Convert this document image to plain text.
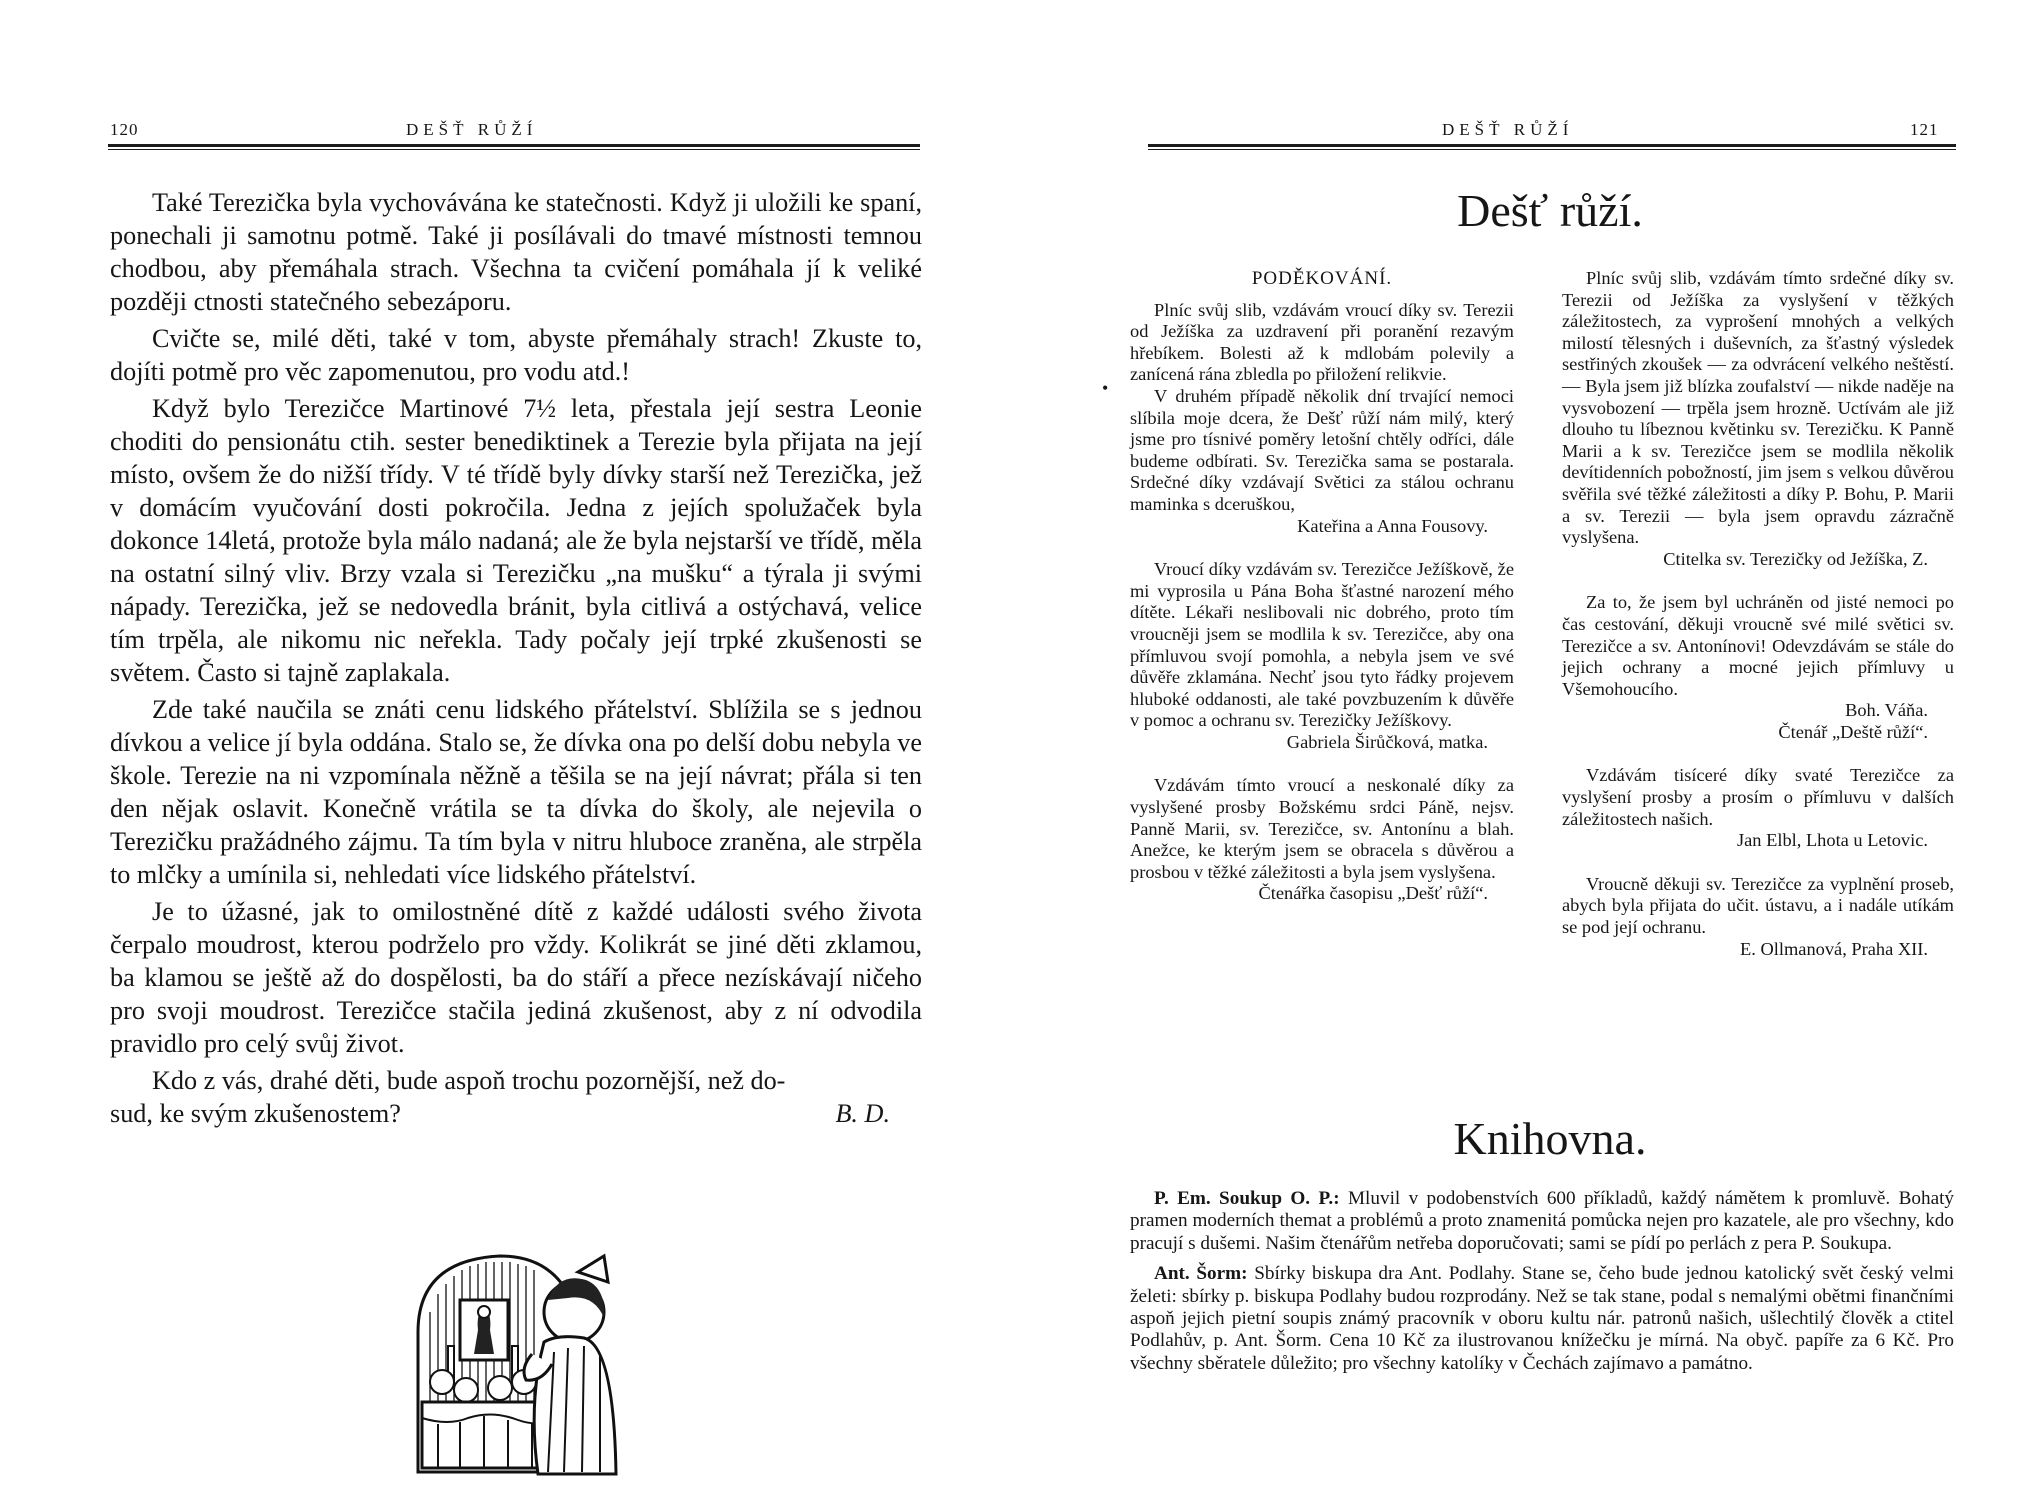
120	DEŠŤ RŮŽÍ

Také Terezička byla vychovávána ke statečnosti. Když ji uložili ke spaní, ponechali ji samotnu potmě. Také ji posílávali do tmavé místnosti temnou chodbou, aby přemáhala strach. Všechna ta cvičení pomáhala jí k veliké později ctnosti statečného sebezáporu.

Cvičte se, milé děti, také v tom, abyste přemáhaly strach! Zkuste to, dojíti potmě pro věc zapomenutou, pro vodu atd.!

Když bylo Terezičce Martinové 7½ leta, přestala její sestra Leonie choditi do pensionátu ctih. sester benediktinek a Terezie byla přijata na její místo, ovšem že do nižší třídy. V té třídě byly dívky starší než Terezička, jež v domácím vyučování dosti pokročila. Jedna z jejích spolužaček byla dokonce 14letá, protože byla málo nadaná; ale že byla nejstarší ve třídě, měla na ostatní silný vliv. Brzy vzala si Terezičku „na mušku“ a týrala ji svými nápady. Terezička, jež se nedovedla bránit, byla citlivá a ostýchavá, velice tím trpěla, ale nikomu nic neřekla. Tady počaly její trpké zkušenosti se světem. Často si tajně zaplakala.

Zde také naučila se znáti cenu lidského přátelství. Sblížila se s jednou dívkou a velice jí byla oddána. Stalo se, že dívka ona po delší dobu nebyla ve škole. Terezie na ni vzpomínala něžně a těšila se na její návrat; přála si ten den nějak oslavit. Konečně vrátila se ta dívka do školy, ale nejevila o Terezičku pražádného zájmu. Ta tím byla v nitru hluboce zraněna, ale strpěla to mlčky a umínila si, nehledati více lidského přátelství.

Je to úžasné, jak to omilostněné dítě z každé události svého života čerpalo moudrost, kterou podrželo pro vždy. Kolikrát se jiné děti zklamou, ba klamou se ještě až do dospělosti, ba do stáří a přece nezískávají ničeho pro svoji moudrost. Terezičce stačila jediná zkušenost, aby z ní odvodila pravidlo pro celý svůj život.

Kdo z vás, drahé děti, bude aspoň trochu pozornější, než do-

sud, ke svým zkušenostem?	B. D.
DEŠŤ RŮŽÍ	121
Dešť růží.
•

PODĚKOVÁNÍ.

Plníc svůj slib, vzdávám vroucí díky sv. Terezii od Ježíška za uzdravení při poranění rezavým hřebíkem. Bolesti až k mdlobám polevily a zanícená rána zbledla po přiložení relikvie.

V druhém případě několik dní trvající nemoci slíbila moje dcera, že Dešť růží nám milý, který jsme pro tísnivé poměry letošní chtěly odříci, dále budeme odbírati. Sv. Terezička sama se postarala. Srdečné díky vzdávají Světici za stálou ochranu maminka s dceruškou,

Kateřina a Anna Fousovy.

Vroucí díky vzdávám sv. Terezičce Ježíškově, že mi vyprosila u Pána Boha šťastné narození mého dítěte. Lékaři neslibovali nic dobrého, proto tím vroucněji jsem se modlila k sv. Terezičce, aby ona přímluvou svojí pomohla, a nebyla jsem ve své důvěře zklamána. Nechť jsou tyto řádky projevem hluboké oddanosti, ale také povzbuzením k důvěře v pomoc a ochranu sv. Terezičky Ježíškovy.

Gabriela Širůčková, matka.

Vzdávám tímto vroucí a neskonalé díky za vyslyšené prosby Božskému srdci Páně, nejsv. Panně Marii, sv. Terezičce, sv. Antonínu a blah. Anežce, ke kterým jsem se obracela s důvěrou a prosbou v těžké záležitosti a byla jsem vyslyšena.

Čtenářka časopisu „Dešť růží“.

Plníc svůj slib, vzdávám tímto srdečné díky sv. Terezii od Ježíška za vyslyšení v těžkých záležitostech, za vyprošení mnohých a velkých milostí tělesných i duševních, za šťastný výsledek sestřiných zkoušek — za odvrácení velkého neštěstí. — Byla jsem již blízka zoufalství — nikde naděje na vysvobození — trpěla jsem hrozně. Uctívám ale již dlouho tu líbeznou květinku sv. Terezičku. K Panně Marii a k sv. Terezičce jsem se modlila několik devítidenních pobožností, jim jsem s velkou důvěrou svěřila své těžké záležitosti a díky P. Bohu, P. Marii a sv. Terezii — byla jsem opravdu zázračně vyslyšena.

Ctitelka sv. Terezičky od Ježíška, Z.

Za to, že jsem byl uchráněn od jisté nemoci po čas cestování, děkuji vroucně své milé světici sv. Terezičce a sv. Antonínovi! Odevzdávám se stále do jejich ochrany a mocné jejich přímluvy u Všemohoucího.

Boh. Váňa.

Čtenář „Deště růží“.

Vzdávám tisíceré díky svaté Terezičce za vyslyšení prosby a prosím o přímluvu v dalších záležitostech našich.

Jan Elbl, Lhota u Letovic.

Vroucně děkuji sv. Terezičce za vyplnění proseb, abych byla přijata do učit. ústavu, a i nadále utíkám se pod její ochranu.

E. Ollmanová, Praha XII.

Knihovna.

P. Em. Soukup O. P.: Mluvil v podobenstvích 600 příkladů, každý námětem k promluvě. Bohatý pramen moderních themat a problémů a proto znamenitá pomůcka nejen pro kazatele, ale pro všechny, kdo pracují s dušemi. Našim čtenářům netřeba doporučovati; sami se pídí po perlách z pera P. Soukupa.

Ant. Šorm: Sbírky biskupa dra Ant. Podlahy. Stane se, čeho bude jednou katolický svět český velmi želeti: sbírky p. biskupa Podlahy budou rozprodány. Než se tak stane, podal s nemalými obětmi finančními aspoň jejich pietní soupis známý pracovník v oboru kultu nár. patronů našich, ušlechtilý člověk a ctitel Podlahův, p. Ant. Šorm. Cena 10 Kč za ilustrovanou knížečku je mírná. Na obyč. papíře za 6 Kč. Pro všechny sběratele důležito; pro všechny katolíky v Čechách zajímavo a památno.
